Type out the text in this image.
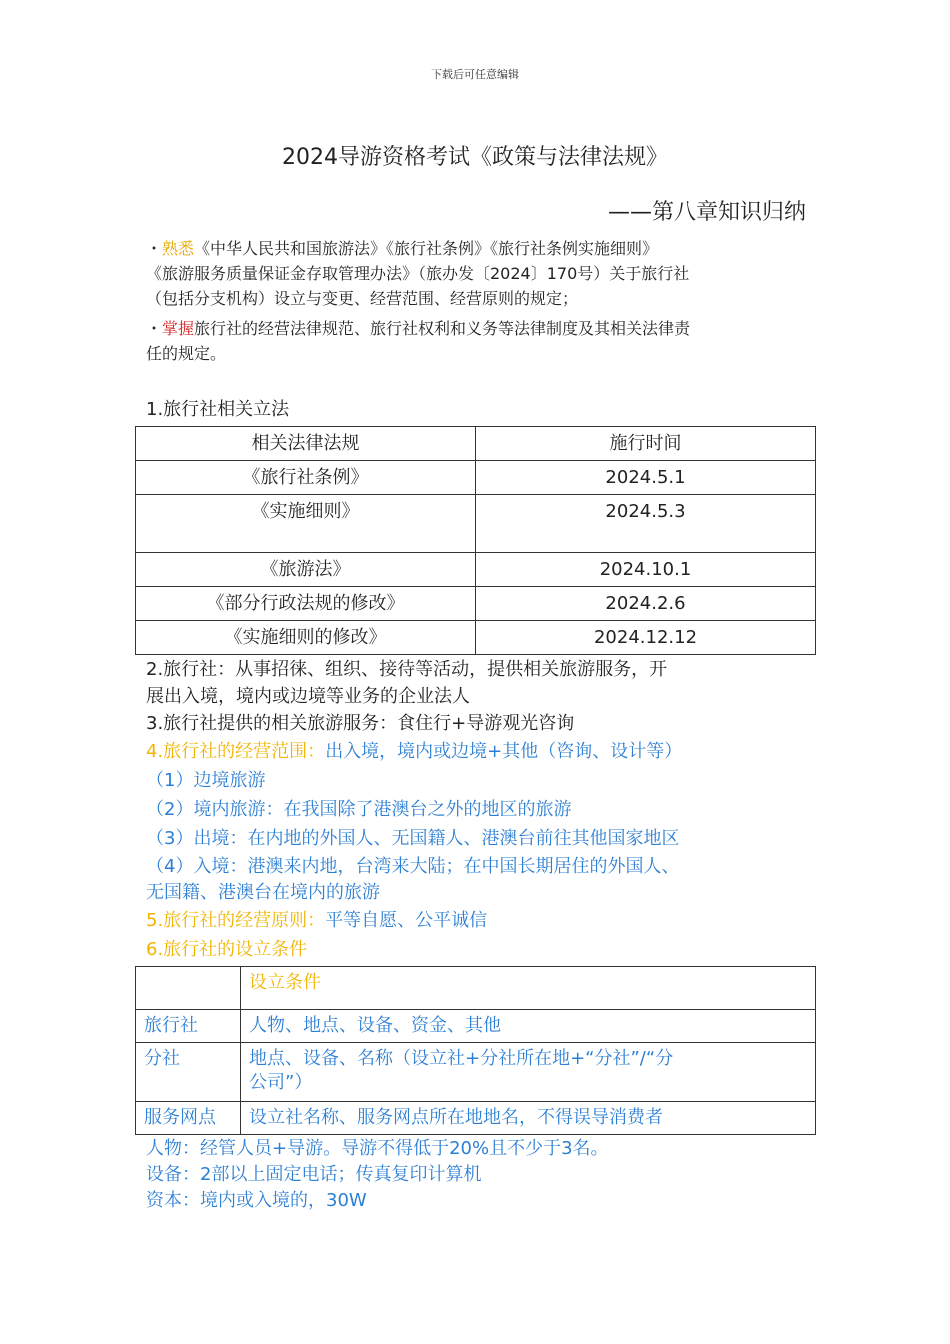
下载后可任意编辑
2024导游资格考试《政策与法律法规》
——第八章知识归纳
・熟悉《中华人民共和国旅游法》《旅行社条例》《旅行社条例实施细则》
《旅游服务质量保证金存取管理办法》（旅办发〔2024〕170号）关于旅行社
（包括分支机构）设立与变更、经营范围、经营原则的规定；
・掌握旅行社的经营法律规范、旅行社权利和义务等法律制度及其相关法律责
任的规定。
1.旅行社相关立法
相关法律法规	施行时间
《旅行社条例》	2024.5.1
《实施细则》	2024.5.3
《旅游法》	2024.10.1
《部分行政法规的修改》	2024.2.6
《实施细则的修改》	2024.12.12
2.旅行社：从事招徕、组织、接待等活动，提供相关旅游服务，开
展出入境，境内或边境等业务的企业法人
3.旅行社提供的相关旅游服务：食住行+导游观光咨询
4.旅行社的经营范围：出入境，境内或边境+其他（咨询、设计等）
（1）边境旅游
（2）境内旅游：在我国除了港澳台之外的地区的旅游
（3）出境：在内地的外国人、无国籍人、港澳台前往其他国家地区
（4）入境：港澳来内地，台湾来大陆；在中国长期居住的外国人、
无国籍、港澳台在境内的旅游
5.旅行社的经营原则：平等自愿、公平诚信
6.旅行社的设立条件
	设立条件
旅行社	人物、地点、设备、资金、其他
分社	地点、设备、名称（设立社+分社所在地+“分社”/“分
公司”）

服务网点	设立社名称、服务网点所在地地名，不得误导消费者
人物：经管人员+导游。导游不得低于20%且不少于3名。
设备：2部以上固定电话；传真复印计算机
资本：境内或入境的，30W
